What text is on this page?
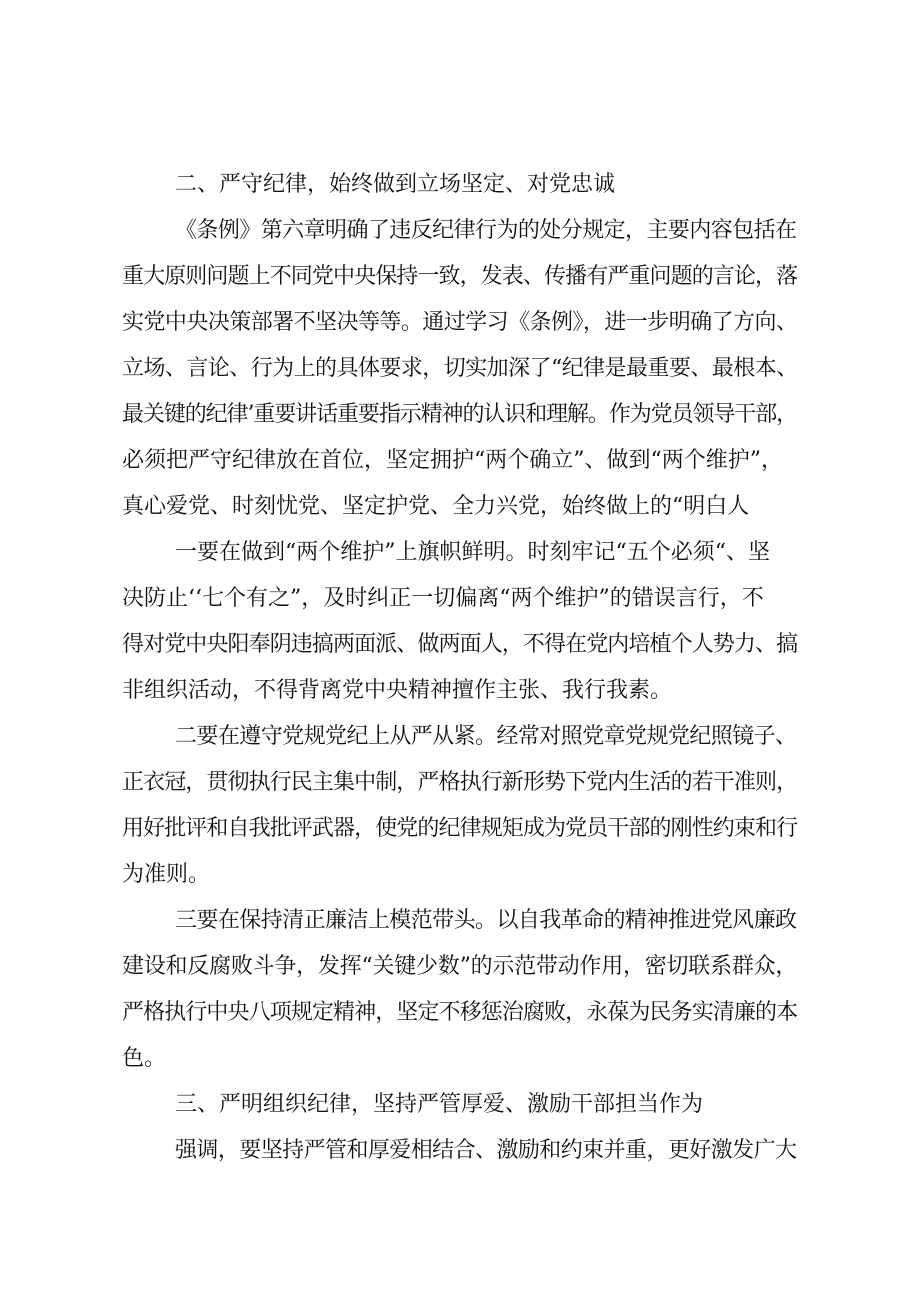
二、严守纪律，始终做到立场坚定、对党忠诚
《条例》第六章明确了违反纪律行为的处分规定，主要内容包括在
重大原则问题上不同党中央保持一致，发表、传播有严重问题的言论，落
实党中央决策部署不坚决等等。通过学习《条例》，进一步明确了方向、
立场、言论、行为上的具体要求，切实加深了“纪律是最重要、最根本、
最关键的纪律’重要讲话重要指示精神的认识和理解。作为党员领导干部，
必须把严守纪律放在首位，坚定拥护“两个确立”、做到“两个维护”，
真心爱党、时刻忧党、坚定护党、全力兴党，始终做上的“明白人
一要在做到“两个维护”上旗帜鲜明。时刻牢记“五个必须“、坚
决防止‘‘七个有之”，及时纠正一切偏离“两个维护”的错误言行，不
得对党中央阳奉阴违搞两面派、做两面人，不得在党内培植个人势力、搞
非组织活动，不得背离党中央精神擅作主张、我行我素。
二要在遵守党规党纪上从严从紧。经常对照党章党规党纪照镜子、
正衣冠，贯彻执行民主集中制，严格执行新形势下党内生活的若干准则，
用好批评和自我批评武器，使党的纪律规矩成为党员干部的刚性约束和行
为准则。
三要在保持清正廉洁上模范带头。以自我革命的精神推进党风廉政
建设和反腐败斗争，发挥“关键少数”的示范带动作用，密切联系群众，
严格执行中央八项规定精神，坚定不移惩治腐败，永葆为民务实清廉的本
色。
三、严明组织纪律，坚持严管厚爱、激励干部担当作为
强调，要坚持严管和厚爱相结合、激励和约束并重，更好激发广大
